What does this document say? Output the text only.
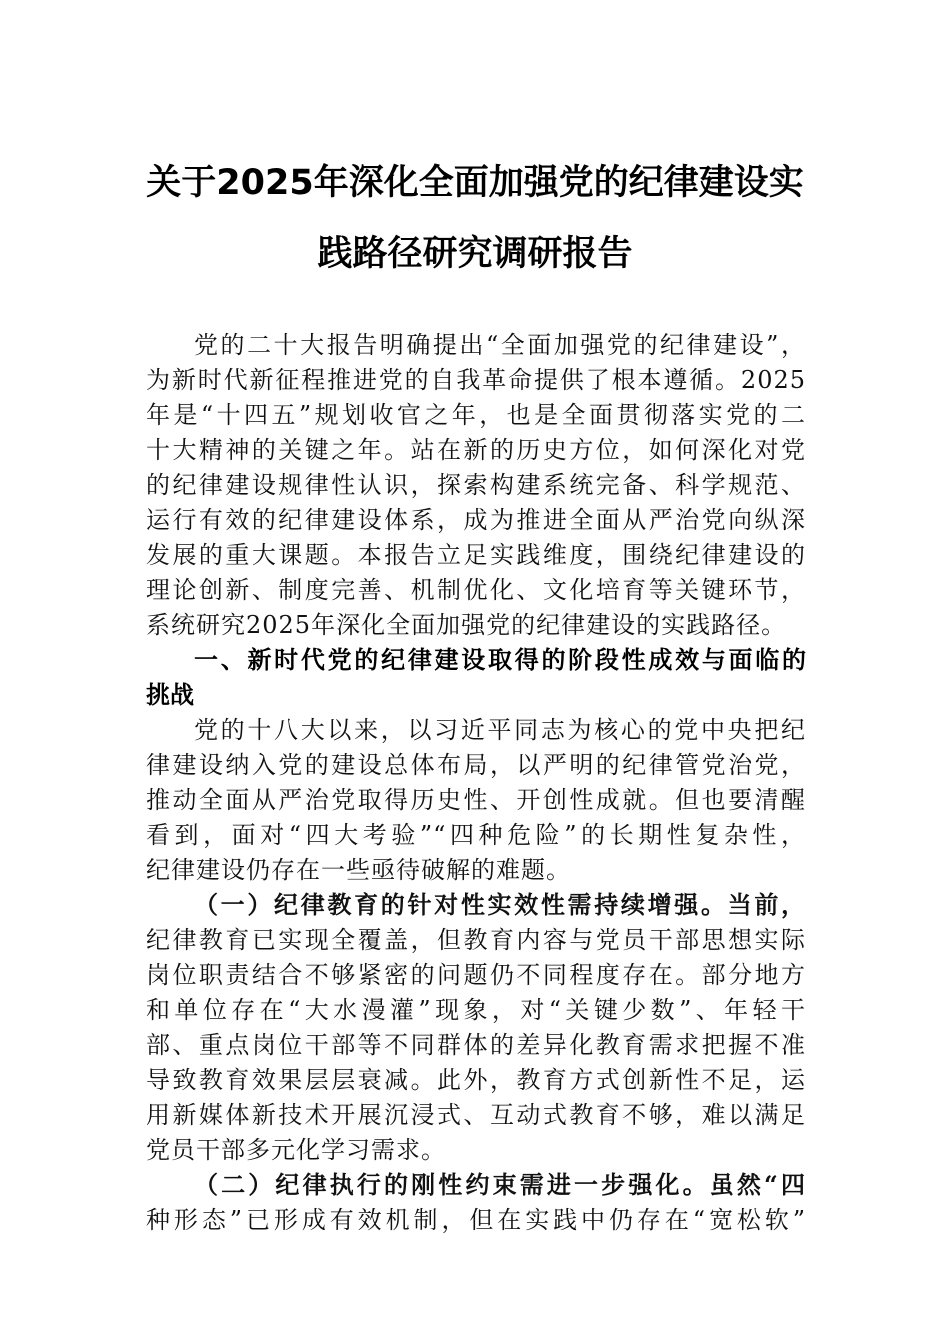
关于2025年深化全面加强党的纪律建设实
践路径研究调研报告
党的二十大报告明确提出“全面加强党的纪律建设”，
为新时代新征程推进党的自我革命提供了根本遵循。2025
年是“十四五”规划收官之年，也是全面贯彻落实党的二
十大精神的关键之年。站在新的历史方位，如何深化对党
的纪律建设规律性认识，探索构建系统完备、科学规范、
运行有效的纪律建设体系，成为推进全面从严治党向纵深
发展的重大课题。本报告立足实践维度，围绕纪律建设的
理论创新、制度完善、机制优化、文化培育等关键环节，
系统研究2025年深化全面加强党的纪律建设的实践路径。
一、新时代党的纪律建设取得的阶段性成效与面临的
挑战
党的十八大以来，以习近平同志为核心的党中央把纪
律建设纳入党的建设总体布局，以严明的纪律管党治党，
推动全面从严治党取得历史性、开创性成就。但也要清醒
看到，面对“四大考验”“四种危险”的长期性复杂性，
纪律建设仍存在一些亟待破解的难题。
（一）纪律教育的针对性实效性需持续增强。当前，
纪律教育已实现全覆盖，但教育内容与党员干部思想实际
岗位职责结合不够紧密的问题仍不同程度存在。部分地方
和单位存在“大水漫灌”现象，对“关键少数”、年轻干
部、重点岗位干部等不同群体的差异化教育需求把握不准
导致教育效果层层衰减。此外，教育方式创新性不足，运
用新媒体新技术开展沉浸式、互动式教育不够，难以满足
党员干部多元化学习需求。
（二）纪律执行的刚性约束需进一步强化。虽然“四
种形态”已形成有效机制，但在实践中仍存在“宽松软”
